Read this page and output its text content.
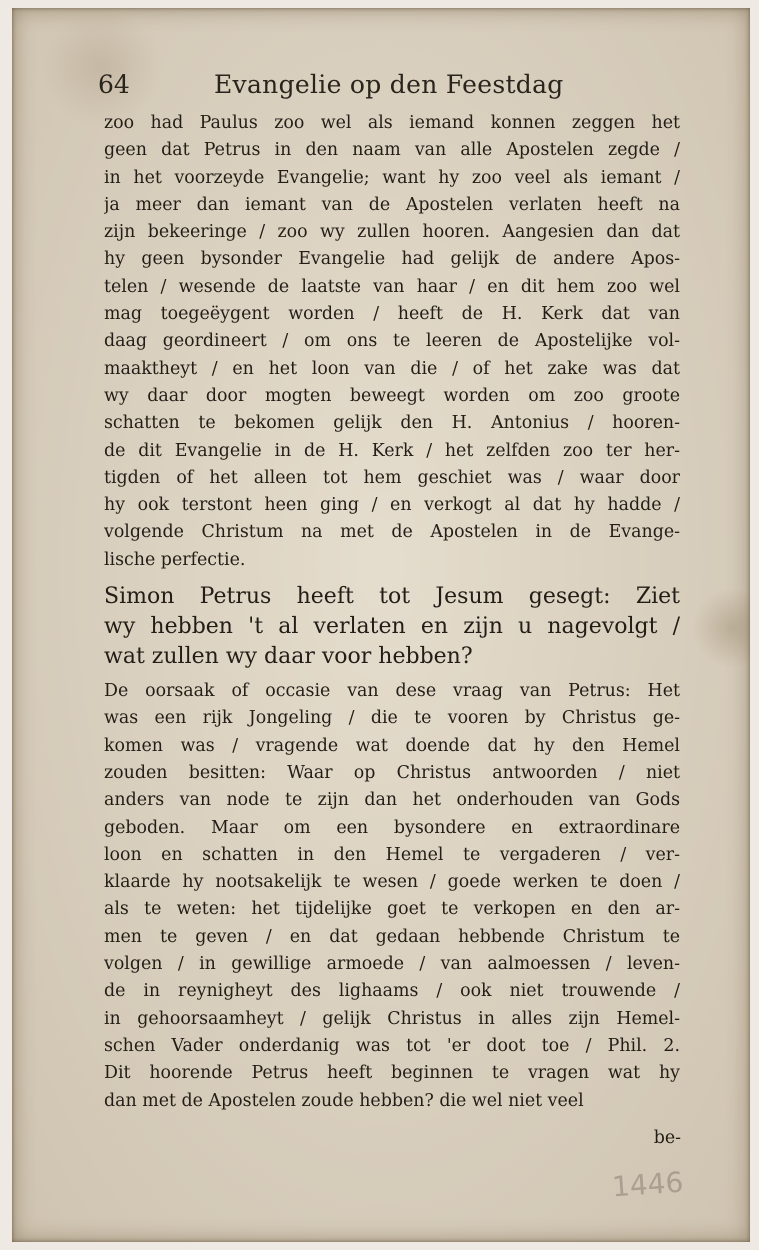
64	Evangelie op den Feestdag
zoo had Paulus zoo wel als iemand konnen zeggen het
geen dat Petrus in den naam van alle Apostelen zegde /
in het voorzeyde Evangelie; want hy zoo veel als iemant /
ja meer dan iemant van de Apostelen verlaten heeft na
zijn bekeeringe / zoo wy zullen hooren. Aangesien dan dat
hy geen bysonder Evangelie had gelijk de andere Apos-
telen / wesende de laatste van haar / en dit hem zoo wel
mag toegeëygent worden / heeft de H. Kerk dat van
daag geordineert / om ons te leeren de Apostelijke vol-
maaktheyt / en het loon van die / of het zake was dat
wy daar door mogten beweegt worden om zoo groote
schatten te bekomen gelijk den H. Antonius / hooren-
de dit Evangelie in de H. Kerk / het zelfden zoo ter her-
tigden of het alleen tot hem geschiet was / waar door
hy ook terstont heen ging / en verkogt al dat hy hadde /
volgende Christum na met de Apostelen in de Evange-
lische perfectie.
Simon Petrus heeft tot Jesum gesegt: Ziet
wy hebben 't al verlaten en zijn u nagevolgt /
wat zullen wy daar voor hebben?
De oorsaak of occasie van dese vraag van Petrus: Het
was een rijk Jongeling / die te vooren by Christus ge-
komen was / vragende wat doende dat hy den Hemel
zouden besitten: Waar op Christus antwoorden / niet
anders van node te zijn dan het onderhouden van Gods
geboden. Maar om een bysondere en extraordinare
loon en schatten in den Hemel te vergaderen / ver-
klaarde hy nootsakelijk te wesen / goede werken te doen /
als te weten: het tijdelijke goet te verkopen en den ar-
men te geven / en dat gedaan hebbende Christum te
volgen / in gewillige armoede / van aalmoessen / leven-
de in reynigheyt des lighaams / ook niet trouwende /
in gehoorsaamheyt / gelijk Christus in alles zijn Hemel-
schen Vader onderdanig was tot 'er doot toe / Phil. 2.
Dit hoorende Petrus heeft beginnen te vragen wat hy
dan met de Apostelen zoude hebben? die wel niet veel
be-
1446
